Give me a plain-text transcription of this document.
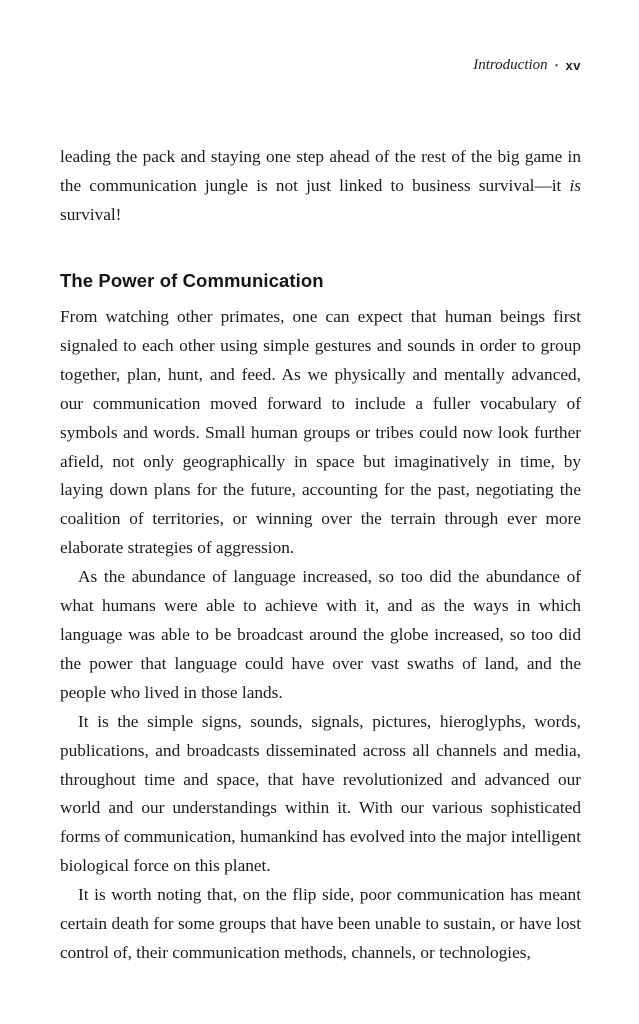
Introduction • xv

leading the pack and staying one step ahead of the rest of the big game in the communication jungle is not just linked to business survival—it is survival!

The Power of Communication

From watching other primates, one can expect that human beings first signaled to each other using simple gestures and sounds in order to group together, plan, hunt, and feed. As we physically and mentally advanced, our communication moved forward to include a fuller vocabulary of symbols and words. Small human groups or tribes could now look further afield, not only geographically in space but imaginatively in time, by laying down plans for the future, accounting for the past, negotiating the coalition of territories, or winning over the terrain through ever more elaborate strategies of aggression.

As the abundance of language increased, so too did the abundance of what humans were able to achieve with it, and as the ways in which language was able to be broadcast around the globe increased, so too did the power that language could have over vast swaths of land, and the people who lived in those lands.

It is the simple signs, sounds, signals, pictures, hieroglyphs, words, publications, and broadcasts disseminated across all channels and media, throughout time and space, that have revolutionized and advanced our world and our understandings within it. With our various sophisticated forms of communication, humankind has evolved into the major intelligent biological force on this planet.

It is worth noting that, on the flip side, poor communication has meant certain death for some groups that have been unable to sustain, or have lost control of, their communication methods, channels, or technologies,
